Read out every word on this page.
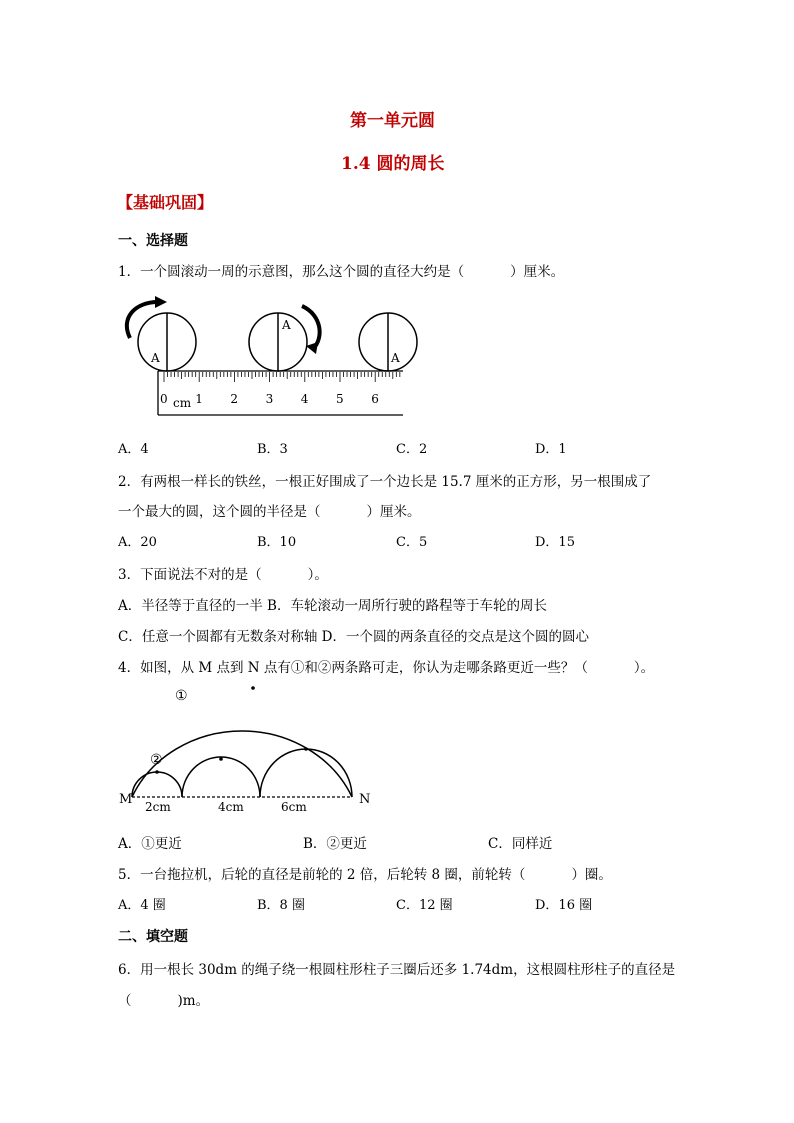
第一单元圆
1.4 圆的周长
【基础巩固】
一、选择题
1．一个圆滚动一周的示意图，那么这个圆的直径大约是（	）厘米。
A
A
A
0 1 2 3 4 5 6
cm
A．4	B．3	C．2	D．1
2．有两根一样长的铁丝，一根正好围成了一个边长是 15.7 厘米的正方形，另一根围成了
一个最大的圆，这个圆的半径是（	）厘米。
A．20	B．10	C．5	D．15
3．下面说法不对的是（	）。
A．半径等于直径的一半 B．车轮滚动一周所行驶的路程等于车轮的周长
C．任意一个圆都有无数条对称轴 D．一个圆的两条直径的交点是这个圆的圆心
4．如图，从 M 点到 N 点有①和②两条路可走，你认为走哪条路更近一些？（	）。
①
②
M	N
2cm	4cm	6cm
A．①更近	B．②更近	C．同样近
5．一台拖拉机，后轮的直径是前轮的 2 倍，后轮转 8 圈，前轮转（	）圈。
A．4 圈	B．8 圈	C．12 圈	D．16 圈
二、填空题
6．用一根长 30dm 的绳子绕一根圆柱形柱子三圈后还多 1.74dm，这根圆柱形柱子的直径是
（	)m。
